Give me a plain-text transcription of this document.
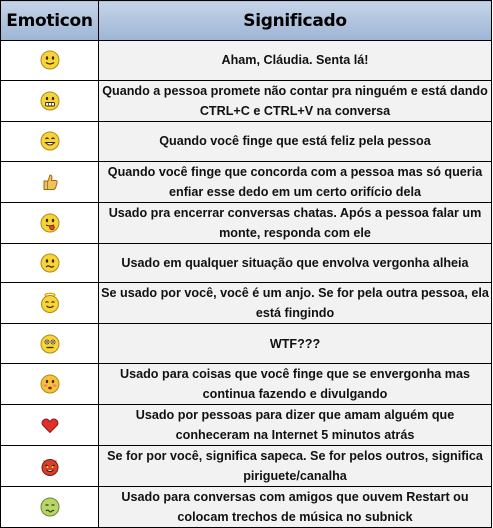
Emoticon	Significado
	Aham, Cláudia. Senta lá!
	Quando a pessoa promete não contar pra ninguém e está dando CTRL+C e CTRL+V na conversa
	Quando você finge que está feliz pela pessoa
	Quando você finge que concorda com a pessoa mas só queria enfiar esse dedo em um certo orifício dela
	Usado pra encerrar conversas chatas. Após a pessoa falar um monte, responda com ele
	Usado em qualquer situação que envolva vergonha alheia
	Se usado por você, você é um anjo. Se for pela outra pessoa, ela está fingindo
	WTF???
	Usado para coisas que você finge que se envergonha mas continua fazendo e divulgando
	Usado por pessoas para dizer que amam alguém que conheceram na Internet 5 minutos atrás
	Se for por você, significa sapeca. Se for pelos outros, significa piriguete/canalha
	Usado para conversas com amigos que ouvem Restart ou colocam trechos de música no subnick
